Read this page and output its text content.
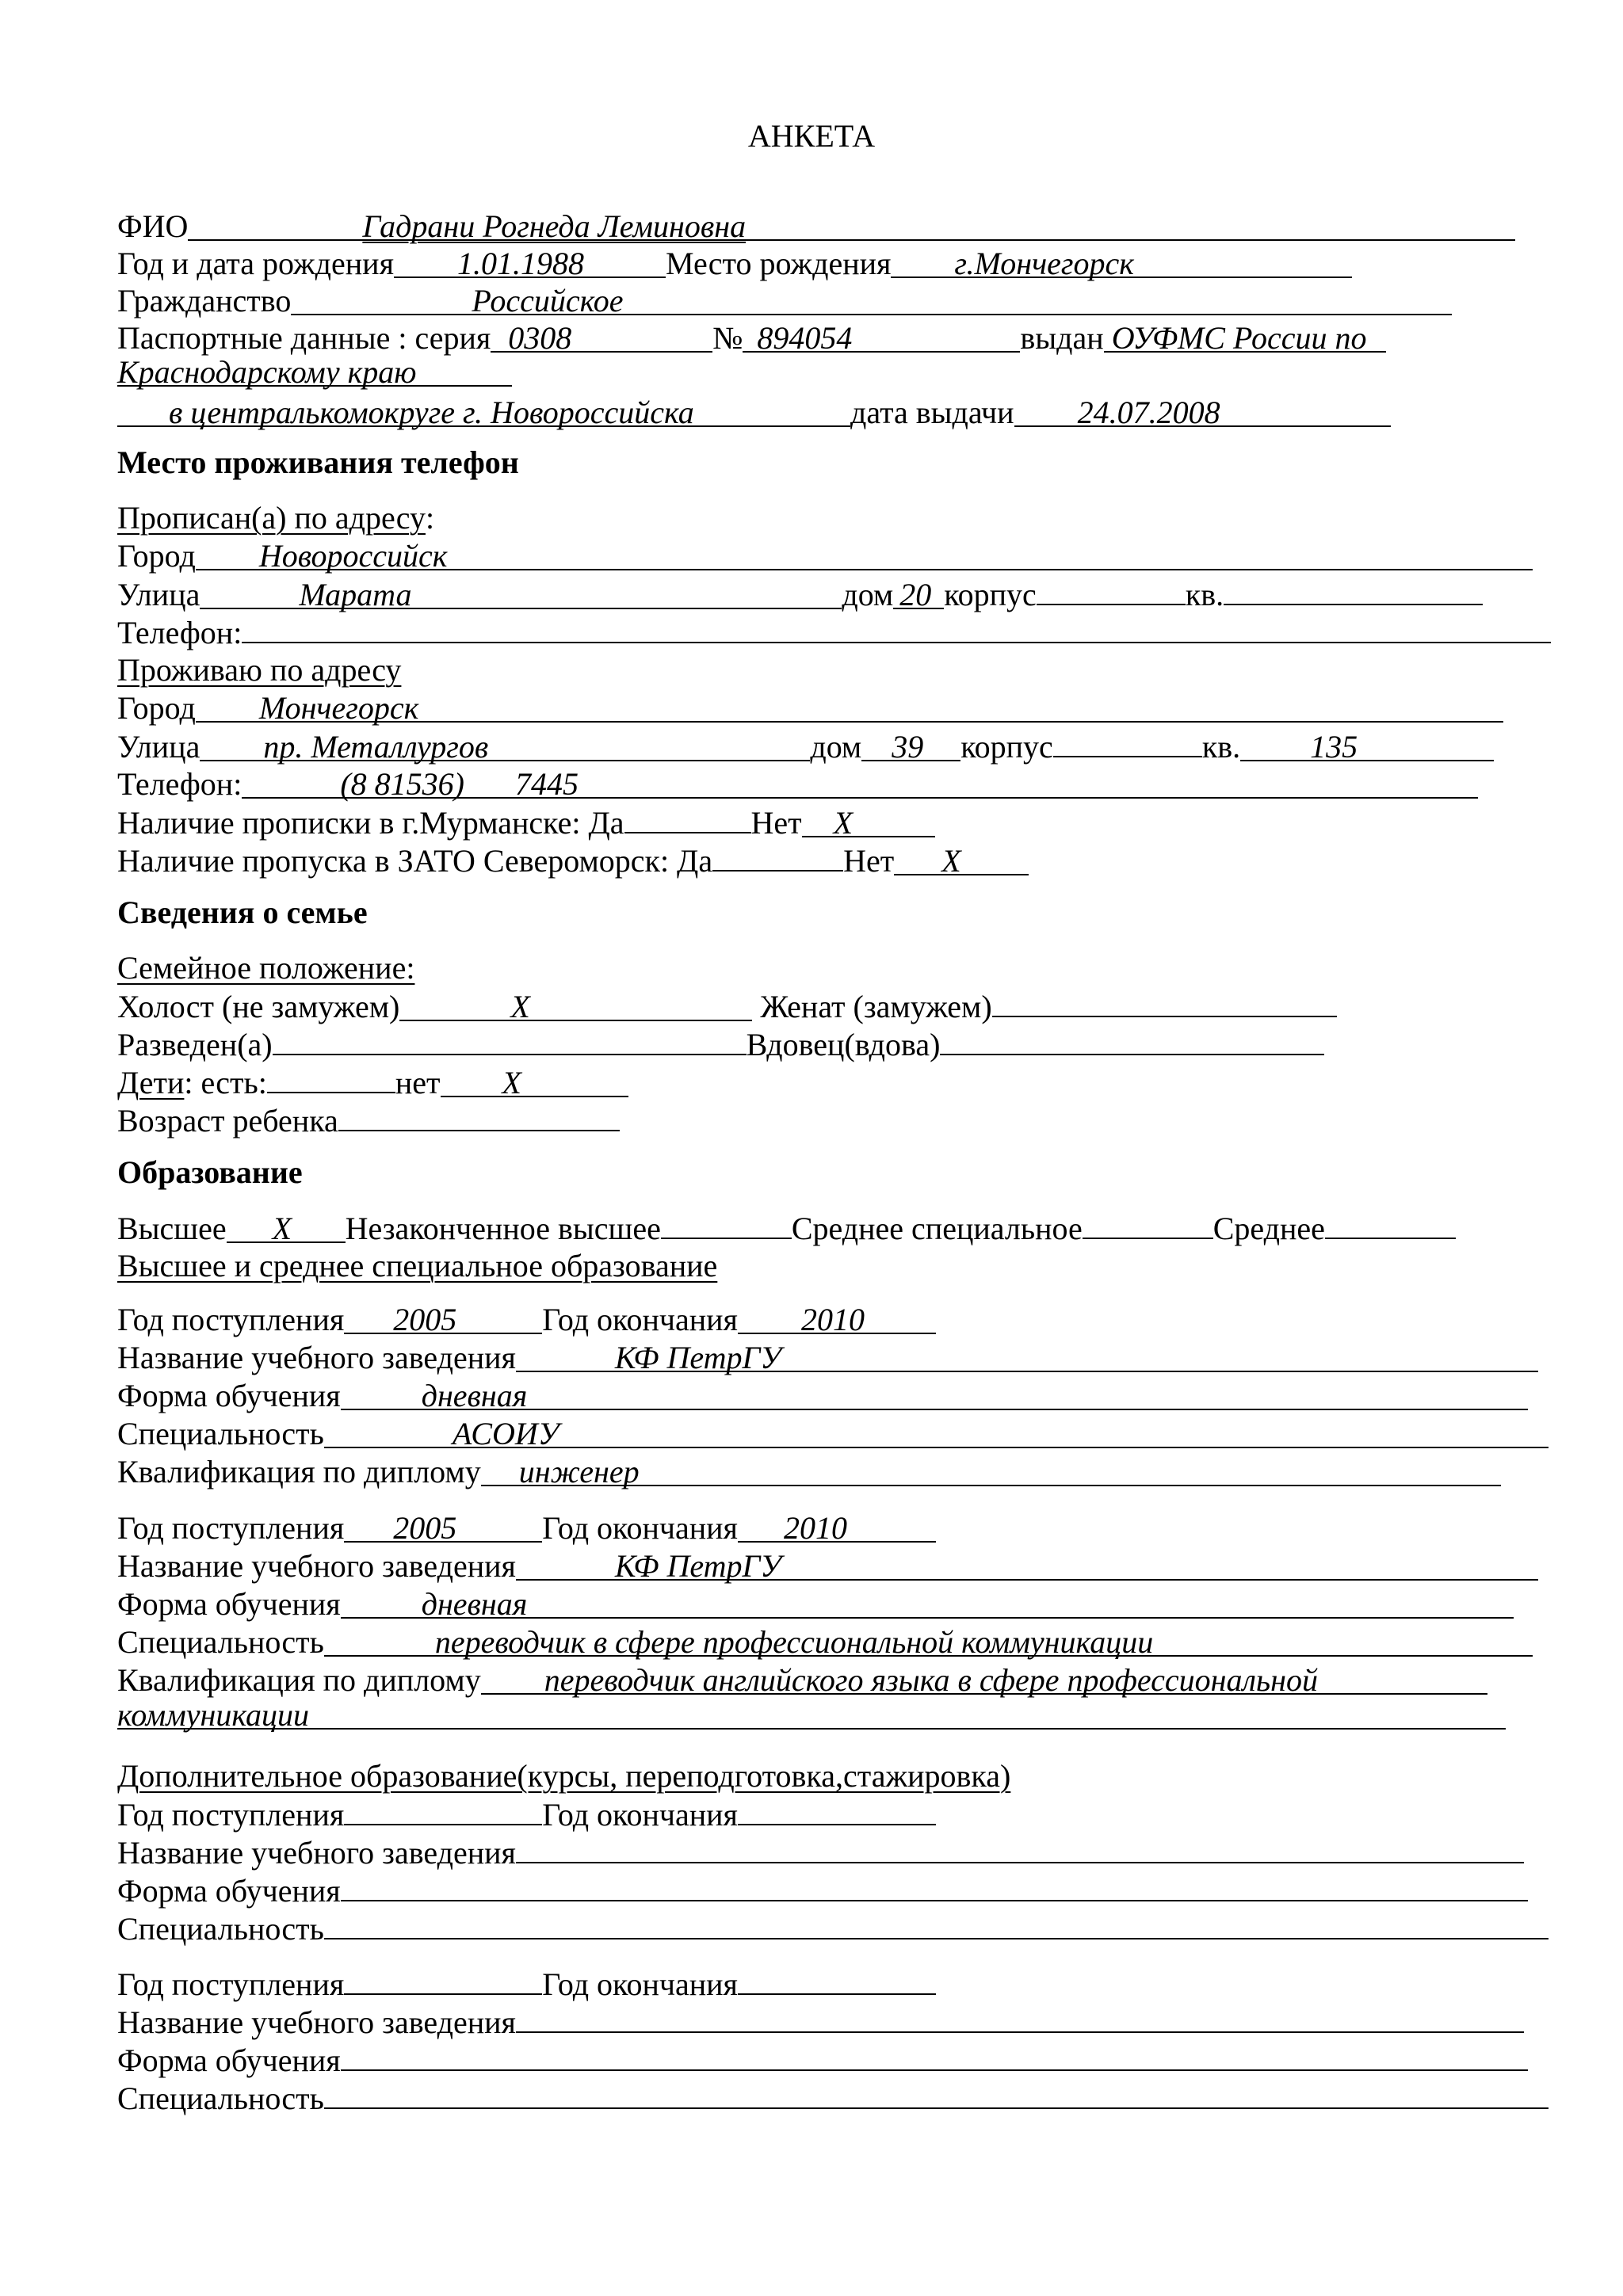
АНКЕТА
ФИО	Гадрани Рогнеда Леминовна
Год и дата рождения	1.01.1988	Место рождения	г.Мончегорск
Гражданство	Российское
Паспортные данные : серия 0308	№ 894054	выдан ОУФМС России по
Краснодарскому краю
в централькомокруге г. Новороссийска	дата выдачи	24.07.2008
Место проживания телефон
Прописан(а) по адресу :
Город	Новороссийск
Улица	Марата	дом 20 корпус	кв.
Телефон:
Проживаю по адресу
Город	Мончегорск
Улица	пр. Металлургов	дом 39	корпус	кв.	135
Телефон:	(8 81536) 7445
Наличие прописки в г.Мурманске: Да	Нет	X
Наличие пропуска в ЗАТО Североморск: Да	Нет	X
Сведения о семье
Семейное положение:
Холост (не замужем)	X	Женат (замужем)
Разведен(а)	Вдовец(вдова)
Дети : есть:	нет	X
Возраст ребенка
Образование
Высшее	X	Незаконченное высшее	Среднее специальное	Среднее
Высшее и среднее специальное образование
Год поступления	2005	Год окончания	2010
Название учебного заведения	КФ ПетрГУ
Форма обучения	дневная
Специальность	АСОИУ
Квалификация по диплому	инженер
Год поступления	2005	Год окончания	2010
Название учебного заведения	КФ ПетрГУ
Форма обучения	дневная
Специальность	переводчик в сфере профессиональной коммуникации
Квалификация по диплому	переводчик английского языка в сфере профессиональной
коммуникации
Дополнительное образование(курсы, переподготовка,стажировка)
Год поступления	Год окончания
Название учебного заведения
Форма обучения
Специальность
Год поступления	Год окончания
Название учебного заведения
Форма обучения
Специальность
